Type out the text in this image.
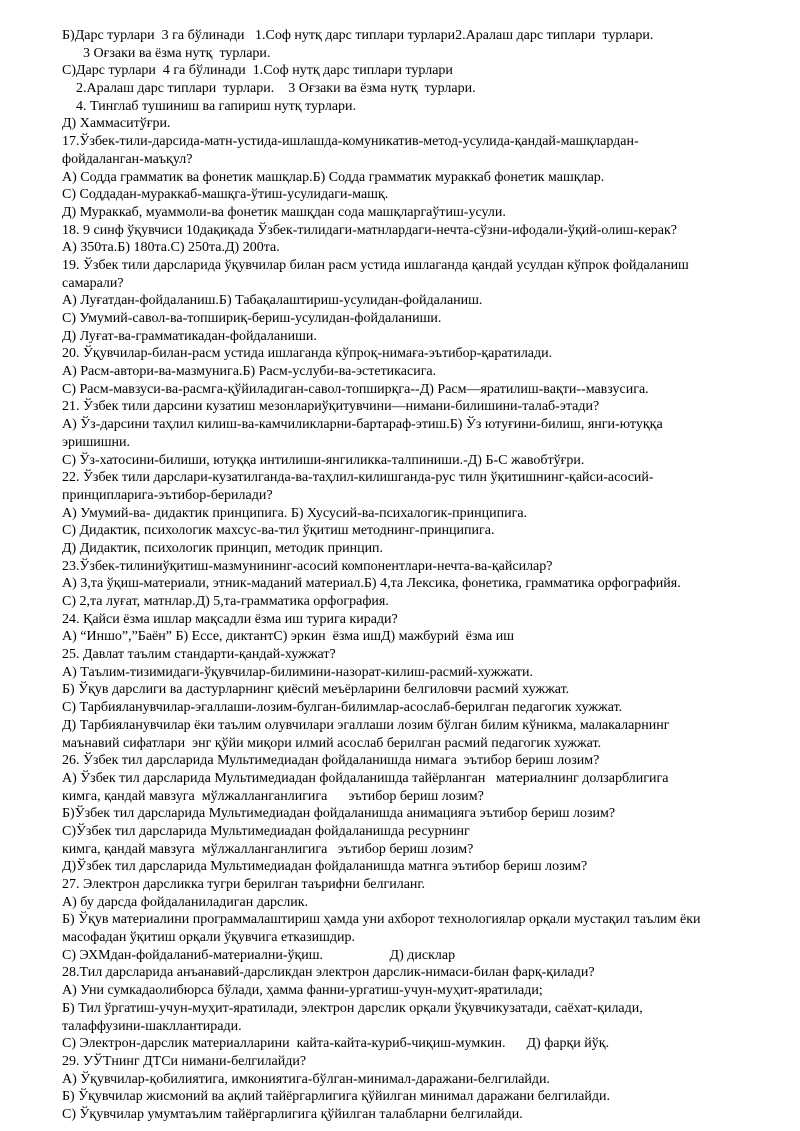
Б)Дарс турлари  3 га бўлинади   1.Соф нутқ дарс типлари турлари2.Аралаш дарс типлари  турлари.
3 Оғзаки ва ёзма нутқ  турлари.
С)Дарс турлари  4 га бўлинади  1.Соф нутқ дарс типлари турлари
2.Аралаш дарс типлари  турлари.    3 Оғзаки ва ёзма нутқ  турлари.
4. Тинглаб тушиниш ва гапириш нутқ турлари.
Д) Хаммаситўғри.
17.Ўзбек-тили-дарсида-матн-устида-ишлашда-комуникатив-метод-усулида-қандай-машқлардан-
фойдаланган-маъқул?
А) Содда грамматик ва фонетик машқлар.Б) Содда грамматик мураккаб фонетик машқлар.
С) Соддадан-мураккаб-машқга-ўтиш-усулидаги-машқ.
Д) Мураккаб, муаммоли-ва фонетик машқдан сода машқларгаўтиш-усули.
18. 9 синф ўқувчиси 10дақиқада Ўзбек-тилидаги-матнлардаги-нечта-сўзни-ифодали-ўқий-олиш-керак?
А) 350та.Б) 180та.С) 250та.Д) 200та.
19. Ўзбек тили дарсларида ўқувчилар билан расм устида ишлаганда қандай усулдан кўпрок фойдаланиш
самарали?
А) Луғатдан-фойдаланиш.Б) Табақалаштириш-усулидан-фойдаланиш.
С) Умумий-савол-ва-топшириқ-бериш-усулидан-фойдаланиши.
Д) Луғат-ва-грамматикадан-фойдаланиши.
20. Ўқувчилар-билан-расм устида ишлаганда кўпроқ-нимаға-эътибор-қаратилади.
А) Расм-автори-ва-мазмунига.Б) Расм-услуби-ва-эстетикасига.
С) Расм-мавзуси-ва-расмга-қўйиладиган-савол-топширқга--Д) Расм—яратилиш-вақти--мавзусига.
21. Ўзбек тили дарсини кузатиш мезонлариўқитувчини—нимани-билишини-талаб-этади?
А) Ўз-дарсини таҳлил килиш-ва-камчиликларни-бартараф-этиш.Б) Ўз ютуғини-билиш, янги-ютуққа
эришишни.
С) Ўз-хатосини-билиши, ютуққа интилиши-янгиликка-талпиниши.-Д) Б-С жавобтўғри.
22. Ўзбек тили дарслари-кузатилганда-ва-таҳлил-килишганда-рус тилн ўқитишнинг-қайси-асосий-
принципларига-эътибор-берилади?
А) Умумий-ва- дидактик принципига. Б) Хусусий-ва-психалогик-принципига.
С) Дидактик, психологик махсус-ва-тил ўқитиш методнинг-принципига.
Д) Дидактик, психологик принцип, методик принцип.
23.Ўзбек-тилиниўқитиш-мазмунининг-асосий компонентлари-нечта-ва-қайсилар?
А) 3,та ўқиш-материали, этник-маданий материал.Б) 4,та Лексика, фонетика, грамматика орфографийя.
С) 2,та луғат, матнлар.Д) 5,та-грамматика орфография.
24. Қайси ёзма ишлар мақсадли ёзма иш турига киради?
А) “Иншо”,”Баён” Б) Ессе, диктантС) эркин  ёзма ишД) мажбурий  ёзма иш
25. Давлат таълим стандарти-қандай-хужжат?
А) Таълим-тизимидаги-ўқувчилар-билимини-назорат-килиш-расмий-хужжати.
Б) Ўқув дарслиги ва дастурларнинг қиёсий меъёрларини белгиловчи расмий хужжат.
С) Тарбияланувчилар-эгаллаши-лозим-булган-билимлар-асослаб-берилган педагогик хужжат.
Д) Тарбияланувчилар ёки таълим олувчилари эгаллаши лозим бўлган билим кўникма, малакаларнинг
маънавий сифатлари  энг қўйи миқори илмий асослаб берилган расмий педагогик хужжат.
26. Ўзбек тил дарсларида Мультимедиадан фойдаланишда нимага  эътибор бериш лозим?
А) Ўзбек тил дарсларида Мультимедиадан фойдаланишда тайёрланган   материалнинг долзарблигига
кимга, қандай мавзуга  мўлжалланганлигига      эътибор бериш лозим?
Б)Ўзбек тил дарсларида Мультимедиадан фойдаланишда анимацияга эътибор бериш лозим?
С)Ўзбек тил дарсларида Мультимедиадан фойдаланишда ресурнинг
кимга, қандай мавзуга  мўлжалланганлигига   эътибор бериш лозим?
Д)Ўзбек тил дарсларида Мультимедиадан фойдаланишда матнга эътибор бериш лозим?
27. Электрон дарсликка тугри берилган таърифни белгиланг.
А) бу дарсда фойдаланиладиган дарслик.
Б) Ўқув материалини программалаштириш ҳамда уни ахборот технологиялар орқали мустақил таълим ёки
масофадан ўқитиш орқали ўқувчига етказишдир.
С) ЭХМдан-фойдаланиб-материални-ўқиш.                   Д) дисклар
28.Тил дарсларида анъанавий-дарсликдан электрон дарслик-нимаси-билан фарқ-қилади?
А) Уни сумкадаолибюрса бўлади, ҳамма фанни-ургатиш-учун-муҳит-яратилади;
Б) Тил ўргатиш-учун-муҳит-яратилади, электрон дарслик орқали ўқувчикузатади, саёхат-қилади,
талаффузини-шакллантиради.
С) Электрон-дарслик материалларини  кайта-кайта-куриб-чиқиш-мумкин.      Д) фарқи йўқ.
29. УЎТнинг ДТСи нимани-белгилайди?
А) Ўқувчилар-қобилиятига, имкониятига-бўлган-минимал-даражани-белгилайди.
Б) Ўқувчилар жисмоний ва ақлий тайёргарлигига қўйилган минимал даражани белгилайди.
С) Ўқувчилар умумтаълим тайёргарлигига қўйилган талабларни белгилайди.
